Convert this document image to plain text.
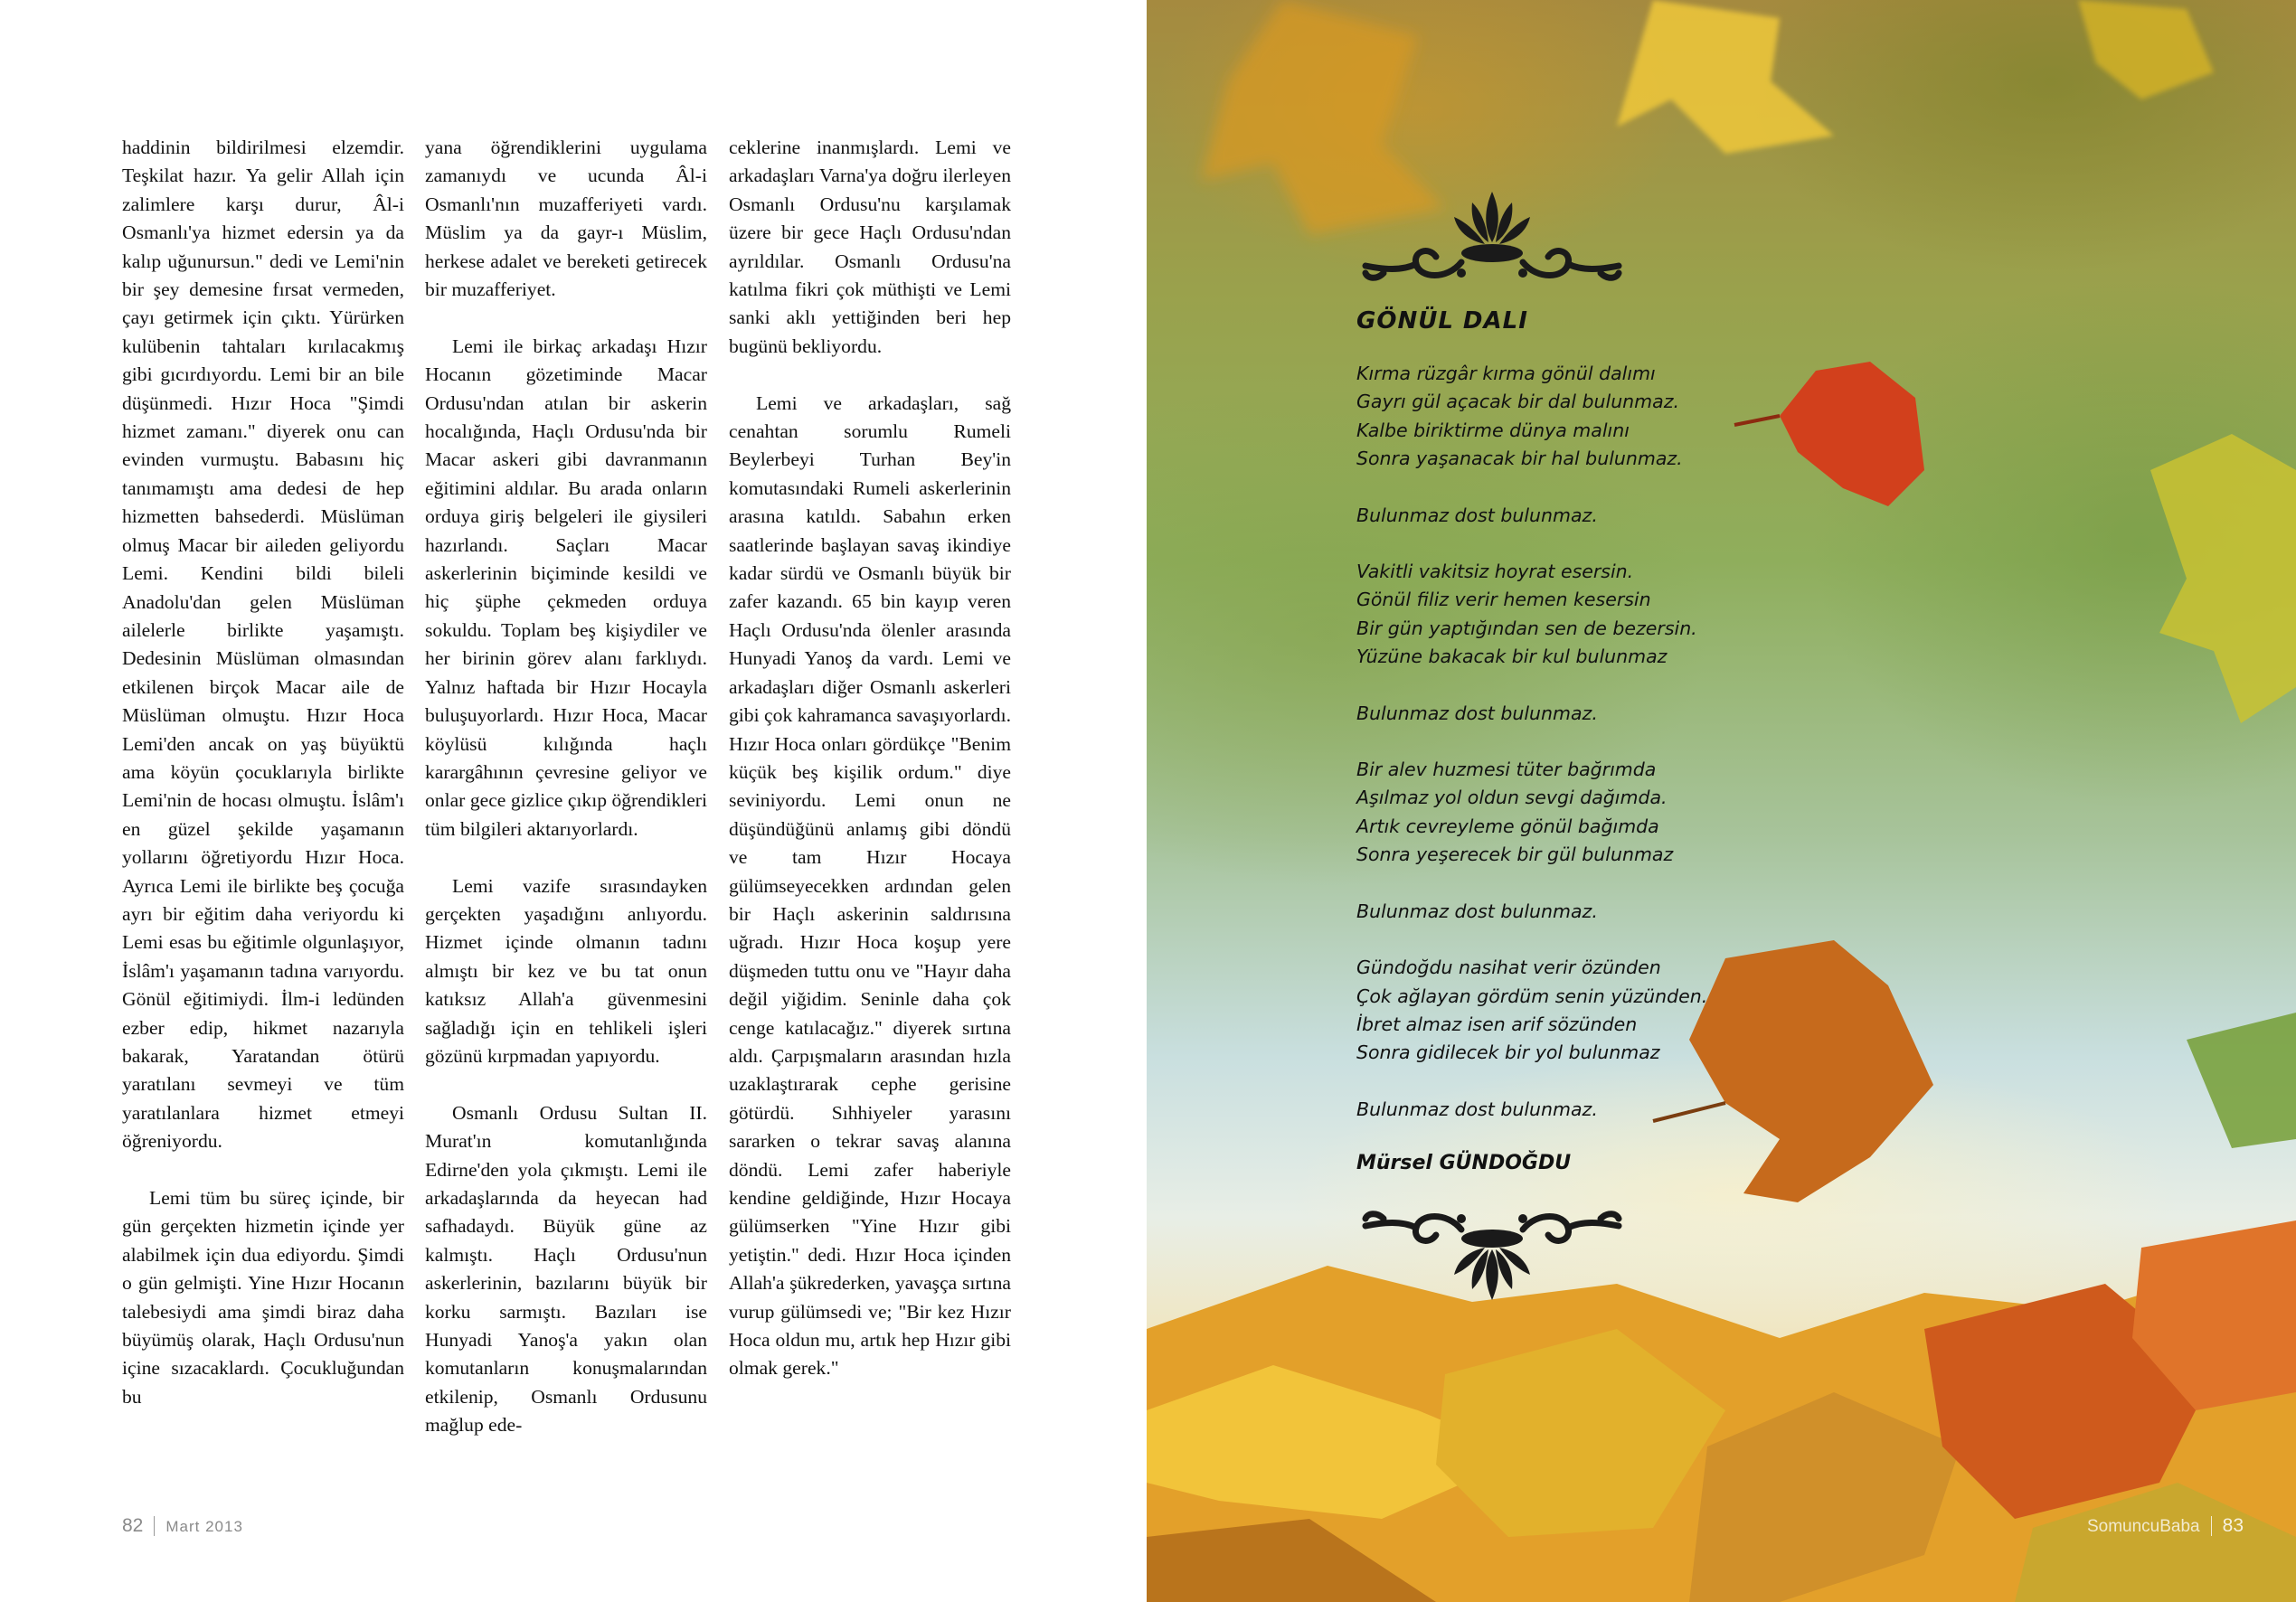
haddinin bildirilmesi elzemdir. Teşkilat hazır. Ya gelir Allah için zalimlere karşı durur, Âl-i Osmanlı'ya hizmet edersin ya da kalıp uğunursun." dedi ve Lemi'nin bir şey demesine fırsat vermeden, çayı getirmek için çıktı. Yürürken kulübenin tahtaları kırılacakmış gibi gıcırdıyordu. Lemi bir an bile düşünmedi. Hızır Hoca "Şimdi hizmet zamanı." diyerek onu can evinden vurmuştu. Babasını hiç tanımamıştı ama dedesi de hep hizmetten bahsederdi. Müslüman olmuş Macar bir aileden geliyordu Lemi. Kendini bildi bileli Anadolu'dan gelen Müslüman ailelerle birlikte yaşamıştı. Dedesinin Müslüman olmasından etkilenen birçok Macar aile de Müslüman olmuştu. Hızır Hoca Lemi'den ancak on yaş büyüktü ama köyün çocuklarıyla birlikte Lemi'nin de hocası olmuştu. İslâm'ı en güzel şekilde yaşamanın yollarını öğretiyordu Hızır Hoca. Ayrıca Lemi ile birlikte beş çocuğa ayrı bir eğitim daha veriyordu ki Lemi esas bu eğitimle olgunlaşıyor, İslâm'ı yaşamanın tadına varıyordu. Gönül eğitimiydi. İlm-i ledünden ezber edip, hikmet nazarıyla bakarak, Yaratandan ötürü yaratılanı sevmeyi ve tüm yaratılanlara hizmet etmeyi öğreniyordu.

Lemi tüm bu süreç içinde, bir gün gerçekten hizmetin içinde yer alabilmek için dua ediyordu. Şimdi o gün gelmişti. Yine Hızır Hocanın talebesiydi ama şimdi biraz daha büyümüş olarak, Haçlı Ordusu'nun içine sızacaklardı. Çocukluğundan bu

yana öğrendiklerini uygulama zamanıydı ve ucunda Âl-i Osmanlı'nın muzafferiyeti vardı. Müslim ya da gayr-ı Müslim, herkese adalet ve bereketi getirecek bir muzafferiyet.

Lemi ile birkaç arkadaşı Hızır Hocanın gözetiminde Macar Ordusu'ndan atılan bir askerin hocalığında, Haçlı Ordusu'nda bir Macar askeri gibi davranmanın eğitimini aldılar. Bu arada onların orduya giriş belgeleri ile giysileri hazırlandı. Saçları Macar askerlerinin biçiminde kesildi ve hiç şüphe çekmeden orduya sokuldu. Toplam beş kişiydiler ve her birinin görev alanı farklıydı. Yalnız haftada bir Hızır Hocayla buluşuyorlardı. Hızır Hoca, Macar köylüsü kılığında haçlı karargâhının çevresine geliyor ve onlar gece gizlice çıkıp öğrendikleri tüm bilgileri aktarıyorlardı.

Lemi vazife sırasındayken gerçekten yaşadığını anlıyordu. Hizmet içinde olmanın tadını almıştı bir kez ve bu tat onun katıksız Allah'a güvenmesini sağladığı için en tehlikeli işleri gözünü kırpmadan yapıyordu.

Osmanlı Ordusu Sultan II. Murat'ın komutanlığında Edirne'den yola çıkmıştı. Lemi ile arkadaşlarında da heyecan had safhadaydı. Büyük güne az kalmıştı. Haçlı Ordusu'nun askerlerinin, bazılarını büyük bir korku sarmıştı. Bazıları ise Hunyadi Yanoş'a yakın olan komutanların konuşmalarından etkilenip, Osmanlı Ordusunu mağlup ede-

ceklerine inanmışlardı. Lemi ve arkadaşları Varna'ya doğru ilerleyen Osmanlı Ordusu'nu karşılamak üzere bir gece Haçlı Ordusu'ndan ayrıldılar. Osmanlı Ordusu'na katılma fikri çok müthişti ve Lemi sanki aklı yettiğinden beri hep bugünü bekliyordu.

Lemi ve arkadaşları, sağ cenahtan sorumlu Rumeli Beylerbeyi Turhan Bey'in komutasındaki Rumeli askerlerinin arasına katıldı. Sabahın erken saatlerinde başlayan savaş ikindiye kadar sürdü ve Osmanlı büyük bir zafer kazandı. 65 bin kayıp veren Haçlı Ordusu'nda ölenler arasında Hunyadi Yanoş da vardı. Lemi ve arkadaşları diğer Osmanlı askerleri gibi çok kahramanca savaşıyorlardı. Hızır Hoca onları gördükçe "Benim küçük beş kişilik ordum." diye seviniyordu. Lemi onun ne düşündüğünü anlamış gibi döndü ve tam Hızır Hocaya gülümseyecekken ardından gelen bir Haçlı askerinin saldırısına uğradı. Hızır Hoca koşup yere düşmeden tuttu onu ve "Hayır daha değil yiğidim. Seninle daha çok cenge katılacağız." diyerek sırtına aldı. Çarpışmaların arasından hızla uzaklaştırarak cephe gerisine götürdü. Sıhhiyeler yarasını sararken o tekrar savaş alanına döndü. Lemi zafer haberiyle kendine geldiğinde, Hızır Hocaya gülümserken "Yine Hızır gibi yetiştin." dedi. Hızır Hoca içinden Allah'a şükrederken, yavaşça sırtına vurup gülümsedi ve; "Bir kez Hızır Hoca oldun mu, artık hep Hızır gibi olmak gerek."

82 Mart 2013
GÖNÜL DALI
Kırma rüzgâr kırma gönül dalımı
Gayrı gül açacak bir dal bulunmaz.
Kalbe biriktirme dünya malını
Sonra yaşanacak bir hal bulunmaz.
Bulunmaz dost bulunmaz.
Vakitli vakitsiz hoyrat esersin.
Gönül filiz verir hemen kesersin
Bir gün yaptığından sen de bezersin.
Yüzüne bakacak bir kul bulunmaz
Bulunmaz dost bulunmaz.
Bir alev huzmesi tüter bağrımda
Aşılmaz yol oldun sevgi dağımda.
Artık cevreyleme gönül bağımda
Sonra yeşerecek bir gül bulunmaz
Bulunmaz dost bulunmaz.
Gündoğdu nasihat verir özünden
Çok ağlayan gördüm senin yüzünden.
İbret almaz isen arif sözünden
Sonra gidilecek bir yol bulunmaz
Bulunmaz dost bulunmaz.
Mürsel GÜNDOĞDU
SomuncuBaba 83
